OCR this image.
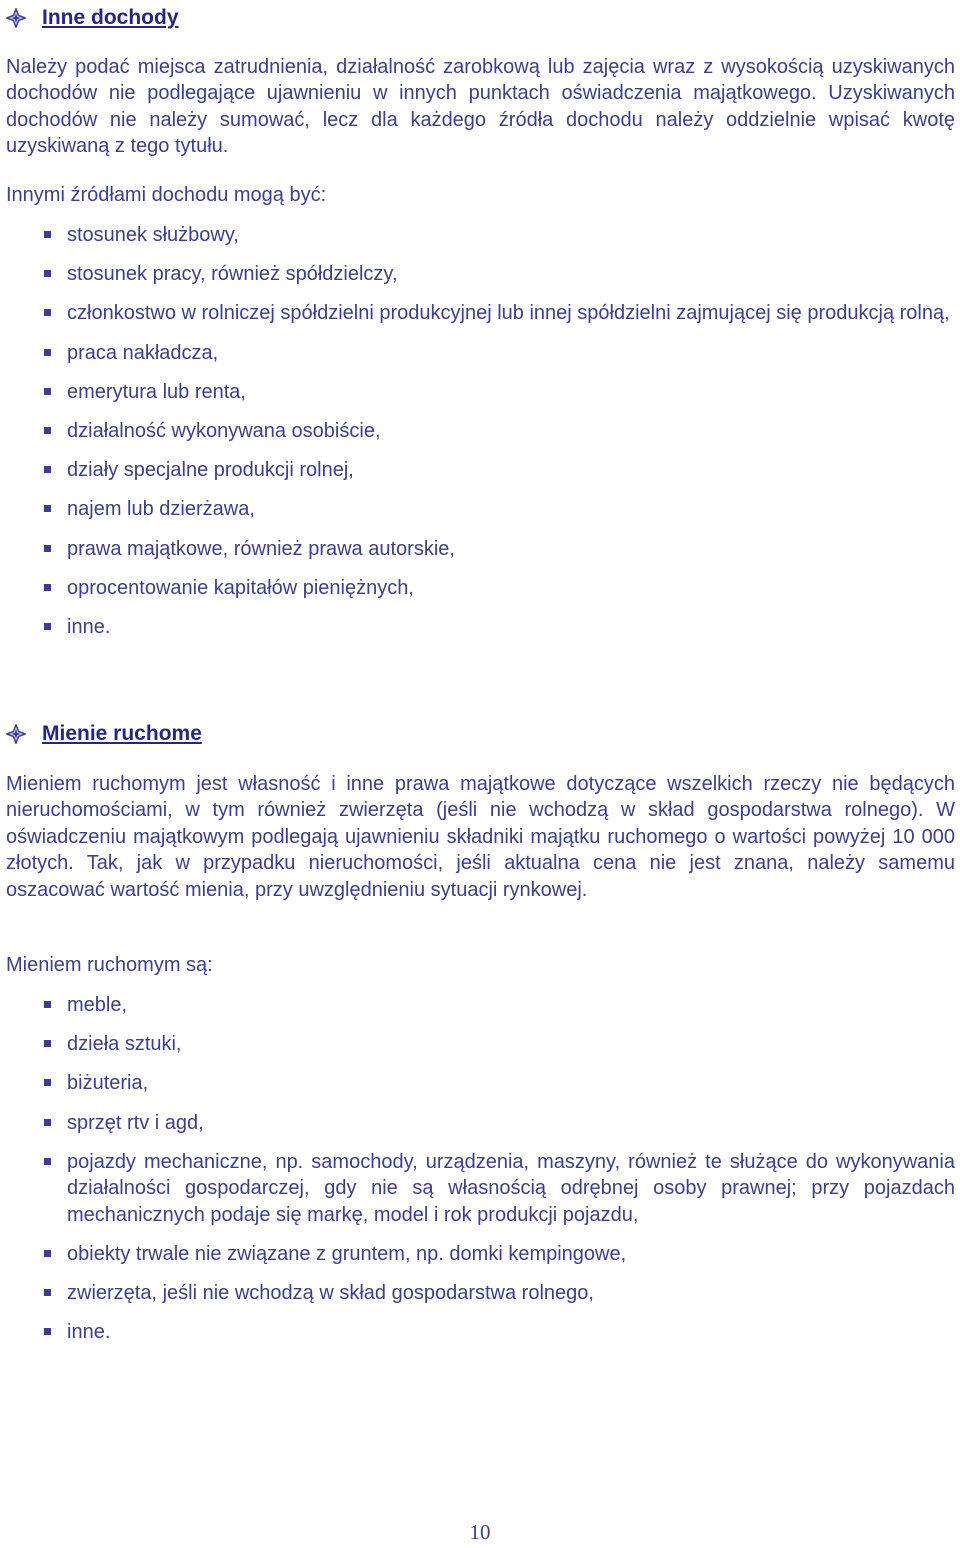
Inne dochody
Należy podać miejsca zatrudnienia, działalność zarobkową lub zajęcia wraz z wysokością uzyskiwanych dochodów nie podlegające ujawnieniu w innych punktach oświadczenia majątkowego. Uzyskiwanych dochodów nie należy sumować, lecz dla każdego źródła dochodu należy oddzielnie wpisać kwotę uzyskiwaną z tego tytułu.
Innymi źródłami dochodu mogą być:
stosunek służbowy,
stosunek pracy, również spółdzielczy,
członkostwo w rolniczej spółdzielni produkcyjnej lub innej spółdzielni zajmującej się produkcją rolną,
praca nakładcza,
emerytura lub renta,
działalność wykonywana osobiście,
działy specjalne produkcji rolnej,
najem lub dzierżawa,
prawa majątkowe, również prawa autorskie,
oprocentowanie kapitałów pieniężnych,
inne.
Mienie ruchome
Mieniem ruchomym jest własność i inne prawa majątkowe dotyczące wszelkich rzeczy nie będących nieruchomościami, w tym również zwierzęta (jeśli nie wchodzą w skład gospodarstwa rolnego). W oświadczeniu majątkowym podlegają ujawnieniu składniki majątku ruchomego o wartości powyżej 10 000 złotych. Tak, jak w przypadku nieruchomości, jeśli aktualna cena nie jest znana, należy samemu oszacować wartość mienia, przy uwzględnieniu sytuacji rynkowej.
Mieniem ruchomym są:
meble,
dzieła sztuki,
biżuteria,
sprzęt rtv i agd,
pojazdy mechaniczne, np. samochody, urządzenia, maszyny, również te służące do wykonywania działalności gospodarczej, gdy nie są własnością odrębnej osoby prawnej; przy pojazdach mechanicznych podaje się markę, model i rok produkcji pojazdu,
obiekty trwale nie związane z gruntem, np. domki kempingowe,
zwierzęta, jeśli nie wchodzą w skład gospodarstwa rolnego,
inne.
10
